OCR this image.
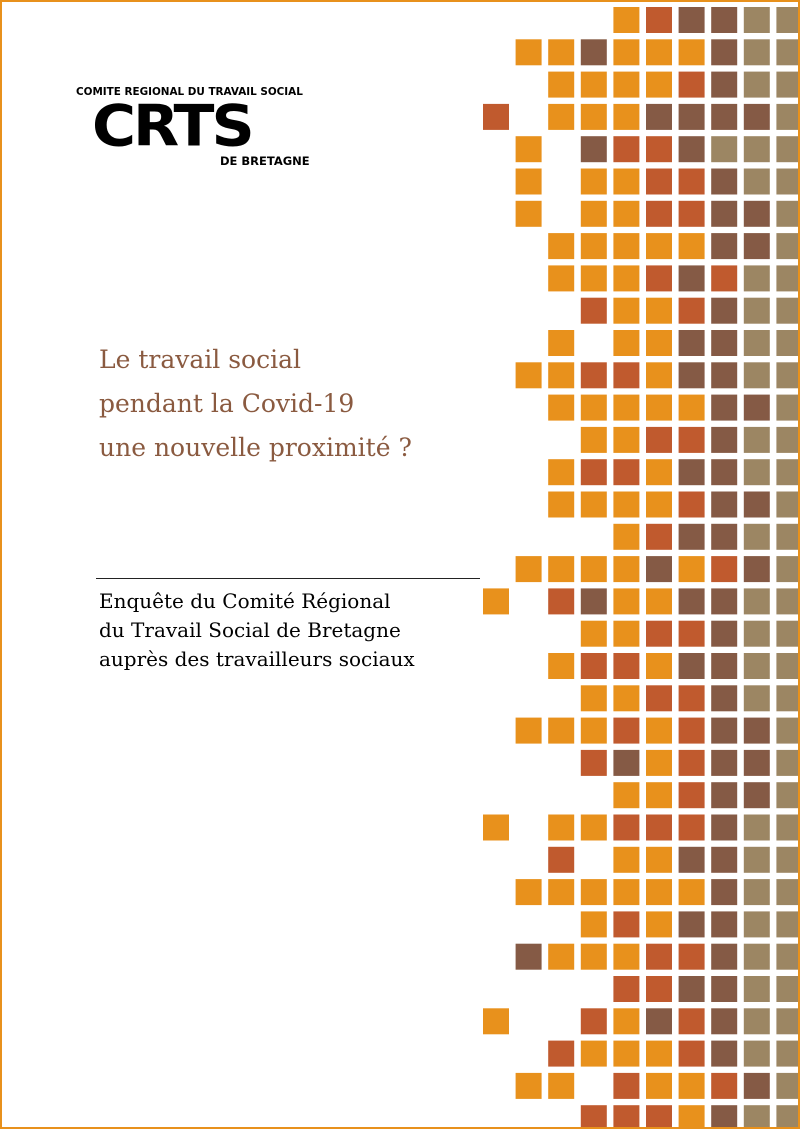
COMITE REGIONAL DU TRAVAIL SOCIAL
CRTS
DE BRETAGNE
Le travail social
pendant la Covid-19
une nouvelle proximité ?

Enquête du Comité Régional
du Travail Social de Bretagne
auprès des travailleurs sociaux
